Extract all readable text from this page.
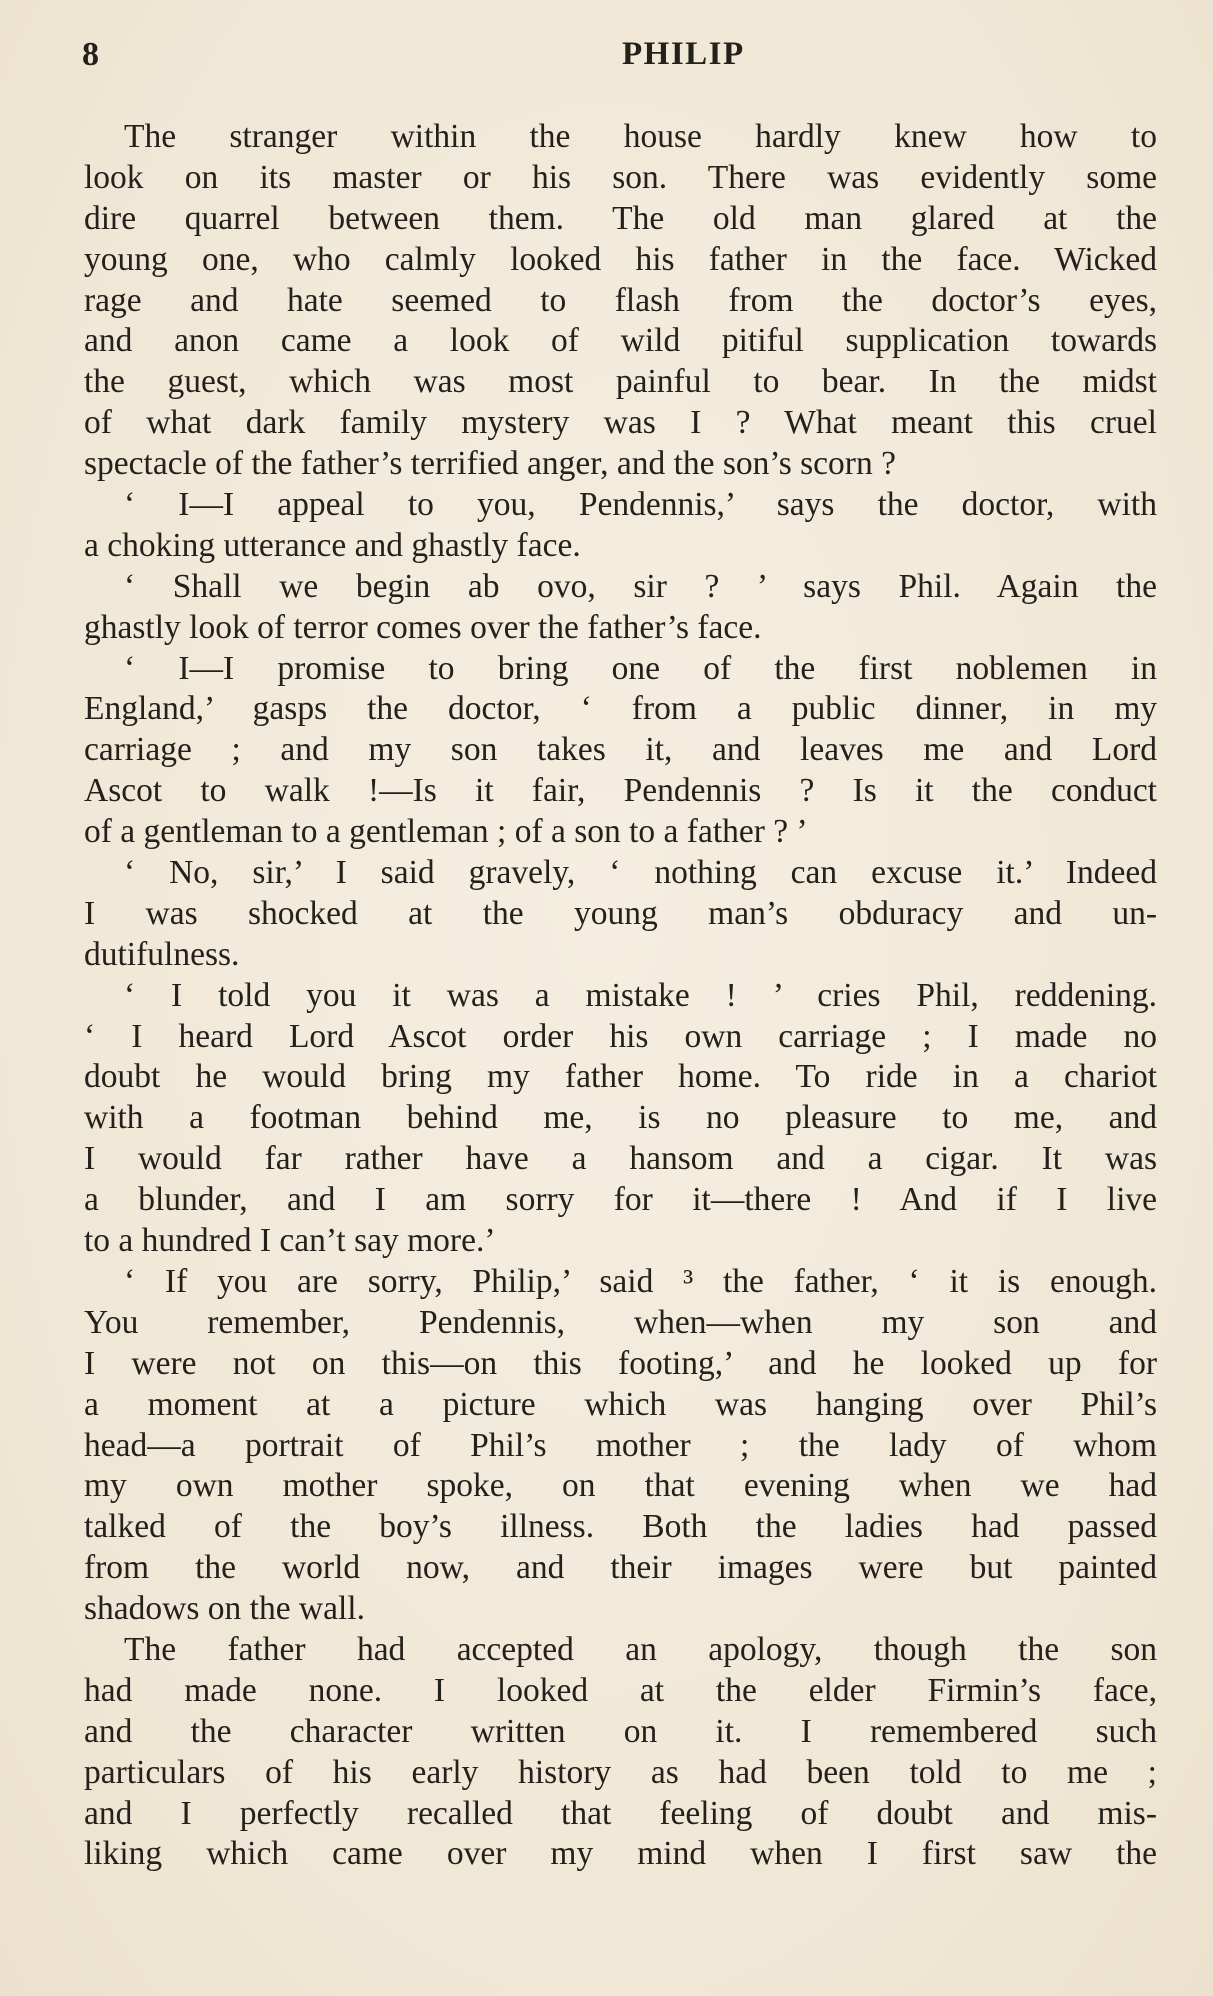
8	PHILIP
The stranger within the house hardly knew how to
look on its master or his son. There was evidently some
dire quarrel between them. The old man glared at the
young one, who calmly looked his father in the face. Wicked
rage and hate seemed to flash from the doctor’s eyes,
and anon came a look of wild pitiful supplication towards
the guest, which was most painful to bear. In the midst
of what dark family mystery was I ? What meant this cruel
spectacle of the father’s terrified anger, and the son’s scorn ?
‘ I—I appeal to you, Pendennis,’ says the doctor, with
a choking utterance and ghastly face.
‘ Shall we begin ab ovo, sir ? ’ says Phil. Again the
ghastly look of terror comes over the father’s face.
‘ I—I promise to bring one of the first noblemen in
England,’ gasps the doctor, ‘ from a public dinner, in my
carriage ; and my son takes it, and leaves me and Lord
Ascot to walk !—Is it fair, Pendennis ? Is it the conduct
of a gentleman to a gentleman ; of a son to a father ? ’
‘ No, sir,’ I said gravely, ‘ nothing can excuse it.’ Indeed
I was shocked at the young man’s obduracy and un-
dutifulness.
‘ I told you it was a mistake ! ’ cries Phil, reddening.
‘ I heard Lord Ascot order his own carriage ; I made no
doubt he would bring my father home. To ride in a chariot
with a footman behind me, is no pleasure to me, and
I would far rather have a hansom and a cigar. It was
a blunder, and I am sorry for it—there ! And if I live
to a hundred I can’t say more.’
‘ If you are sorry, Philip,’ said ³ the father, ‘ it is enough.
You remember, Pendennis, when—when my son and
I were not on this—on this footing,’ and he looked up for
a moment at a picture which was hanging over Phil’s
head—a portrait of Phil’s mother ; the lady of whom
my own mother spoke, on that evening when we had
talked of the boy’s illness. Both the ladies had passed
from the world now, and their images were but painted
shadows on the wall.
The father had accepted an apology, though the son
had made none. I looked at the elder Firmin’s face,
and the character written on it. I remembered such
particulars of his early history as had been told to me ;
and I perfectly recalled that feeling of doubt and mis-
liking which came over my mind when I first saw the
